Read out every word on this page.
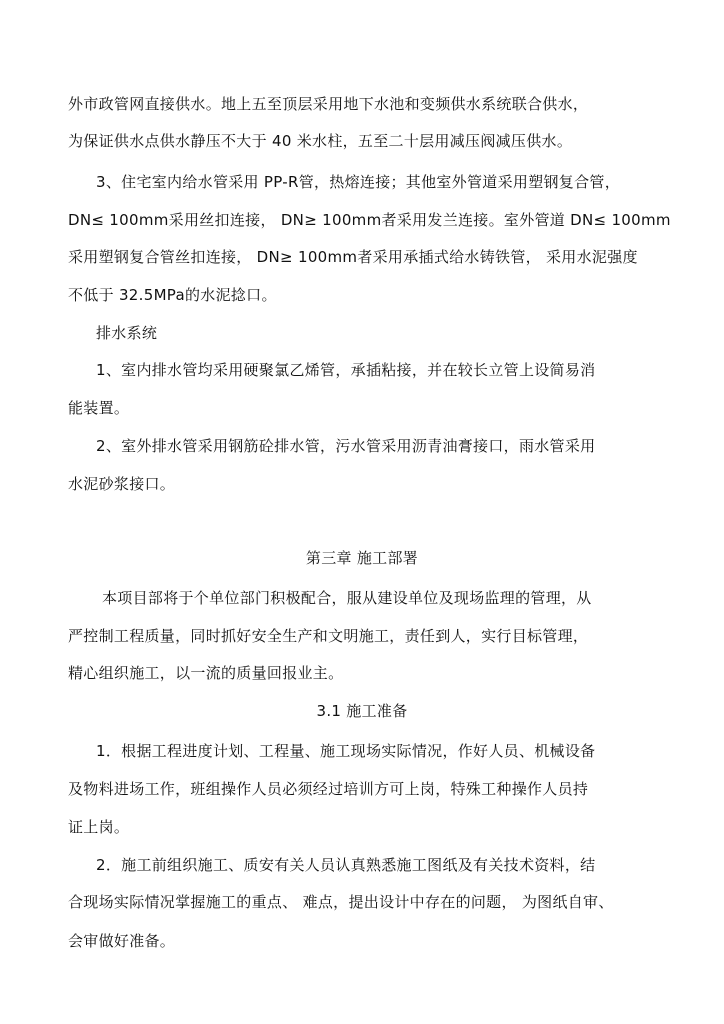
外市政管网直接供水。地上五至顶层采用地下水池和变频供水系统联合供水，
为保证供水点供水静压不大于 40 米水柱，五至二十层用减压阀减压供水。
3、住宅室内给水管采用 PP-R管，热熔连接；其他室外管道采用塑钢复合管，
DN≤ 100mm采用丝扣连接， DN≥ 100mm者采用发兰连接。室外管道 DN≤ 100mm
采用塑钢复合管丝扣连接， DN≥ 100mm者采用承插式给水铸铁管， 采用水泥强度
不低于 32.5MPa的水泥捻口。
排水系统
1、室内排水管均采用硬聚氯乙烯管，承插粘接，并在较长立管上设简易消
能装置。
2、室外排水管采用钢筋砼排水管，污水管采用沥青油膏接口，雨水管采用
水泥砂浆接口。
第三章 施工部署
本项目部将于个单位部门积极配合，服从建设单位及现场监理的管理，从
严控制工程质量，同时抓好安全生产和文明施工，责任到人，实行目标管理，
精心组织施工，以一流的质量回报业主。
3.1 施工准备
1．根据工程进度计划、工程量、施工现场实际情况，作好人员、机械设备
及物料进场工作，班组操作人员必须经过培训方可上岗，特殊工种操作人员持
证上岗。
2．施工前组织施工、质安有关人员认真熟悉施工图纸及有关技术资料，结
合现场实际情况掌握施工的重点、 难点，提出设计中存在的问题， 为图纸自审、
会审做好准备。
